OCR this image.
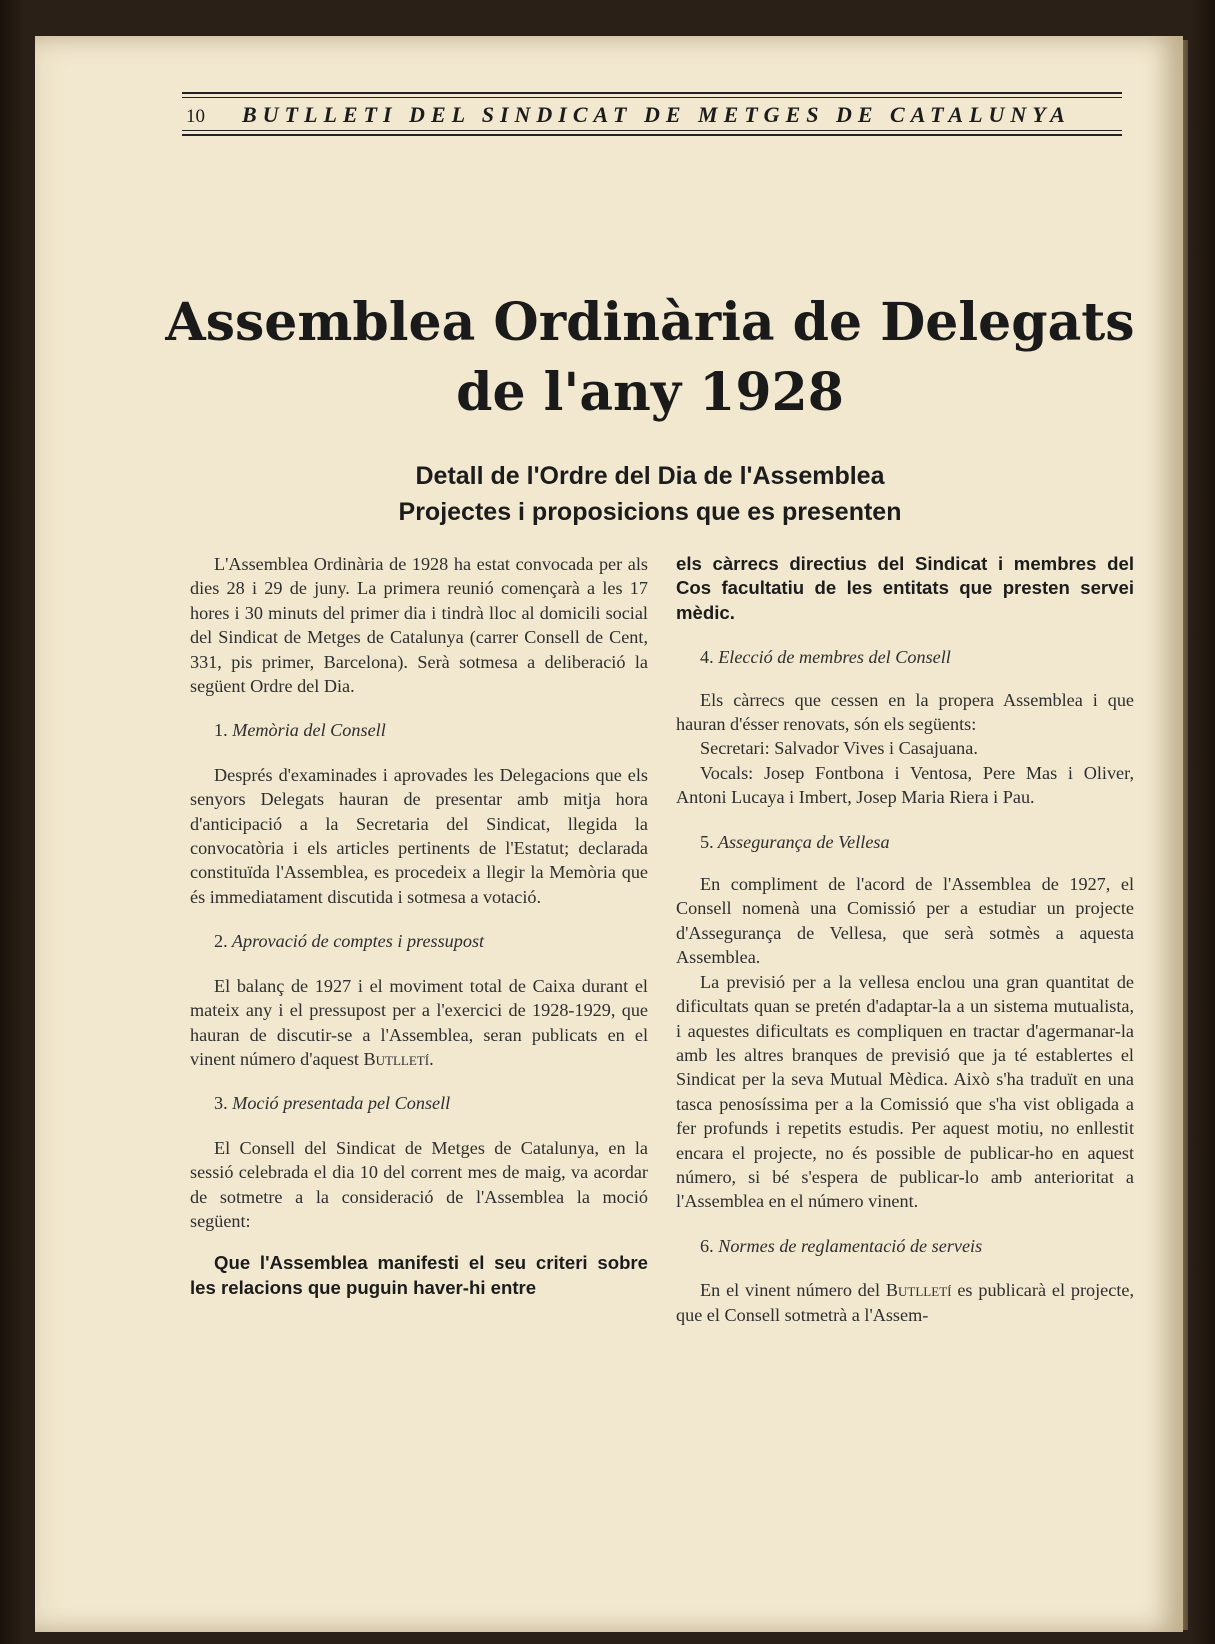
10 BUTLLETI DEL SINDICAT DE METGES DE CATALUNYA
Assemblea Ordinària de Delegats
de l'any 1928
Detall de l'Ordre del Dia de l'Assemblea
Projectes i proposicions que es presenten

L'Assemblea Ordinària de 1928 ha estat convocada per als dies 28 i 29 de juny. La primera reunió començarà a les 17 hores i 30 minuts del primer dia i tindrà lloc al domicili social del Sindicat de Metges de Catalunya (carrer Consell de Cent, 331, pis primer, Barcelona). Serà sotmesa a deliberació la següent Ordre del Dia.

1. Memòria del Consell

Després d'examinades i aprovades les Delegacions que els senyors Delegats hauran de presentar amb mitja hora d'anticipació a la Secretaria del Sindicat, llegida la convocatòria i els articles pertinents de l'Estatut; declarada constituïda l'Assemblea, es procedeix a llegir la Memòria que és immediatament discutida i sotmesa a votació.

2. Aprovació de comptes i pressupost

El balanç de 1927 i el moviment total de Caixa durant el mateix any i el pressupost per a l'exercici de 1928-1929, que hauran de discutir-se a l'Assemblea, seran publicats en el vinent número d'aquest Butlletí.

3. Moció presentada pel Consell

El Consell del Sindicat de Metges de Catalunya, en la sessió celebrada el dia 10 del corrent mes de maig, va acordar de sotmetre a la consideració de l'Assemblea la moció següent:

Que l'Assemblea manifesti el seu criteri sobre les relacions que puguin haver-hi entre

els càrrecs directius del Sindicat i membres del Cos facultatiu de les entitats que presten servei mèdic.

4. Elecció de membres del Consell

Els càrrecs que cessen en la propera Assemblea i que hauran d'ésser renovats, són els següents:

Secretari: Salvador Vives i Casajuana.

Vocals: Josep Fontbona i Ventosa, Pere Mas i Oliver, Antoni Lucaya i Imbert, Josep Maria Riera i Pau.

5. Assegurança de Vellesa

En compliment de l'acord de l'Assemblea de 1927, el Consell nomenà una Comissió per a estudiar un projecte d'Assegurança de Vellesa, que serà sotmès a aquesta Assemblea.

La previsió per a la vellesa enclou una gran quantitat de dificultats quan se pretén d'adaptar-la a un sistema mutualista, i aquestes dificultats es compliquen en tractar d'agermanar-la amb les altres branques de previsió que ja té establertes el Sindicat per la seva Mutual Mèdica. Això s'ha traduït en una tasca penosíssima per a la Comissió que s'ha vist obligada a fer profunds i repetits estudis. Per aquest motiu, no enllestit encara el projecte, no és possible de publicar-ho en aquest número, si bé s'espera de publicar-lo amb anterioritat a l'Assemblea en el número vinent.

6. Normes de reglamentació de serveis

En el vinent número del Butlletí es publicarà el projecte, que el Consell sotmetrà a l'Assem-
